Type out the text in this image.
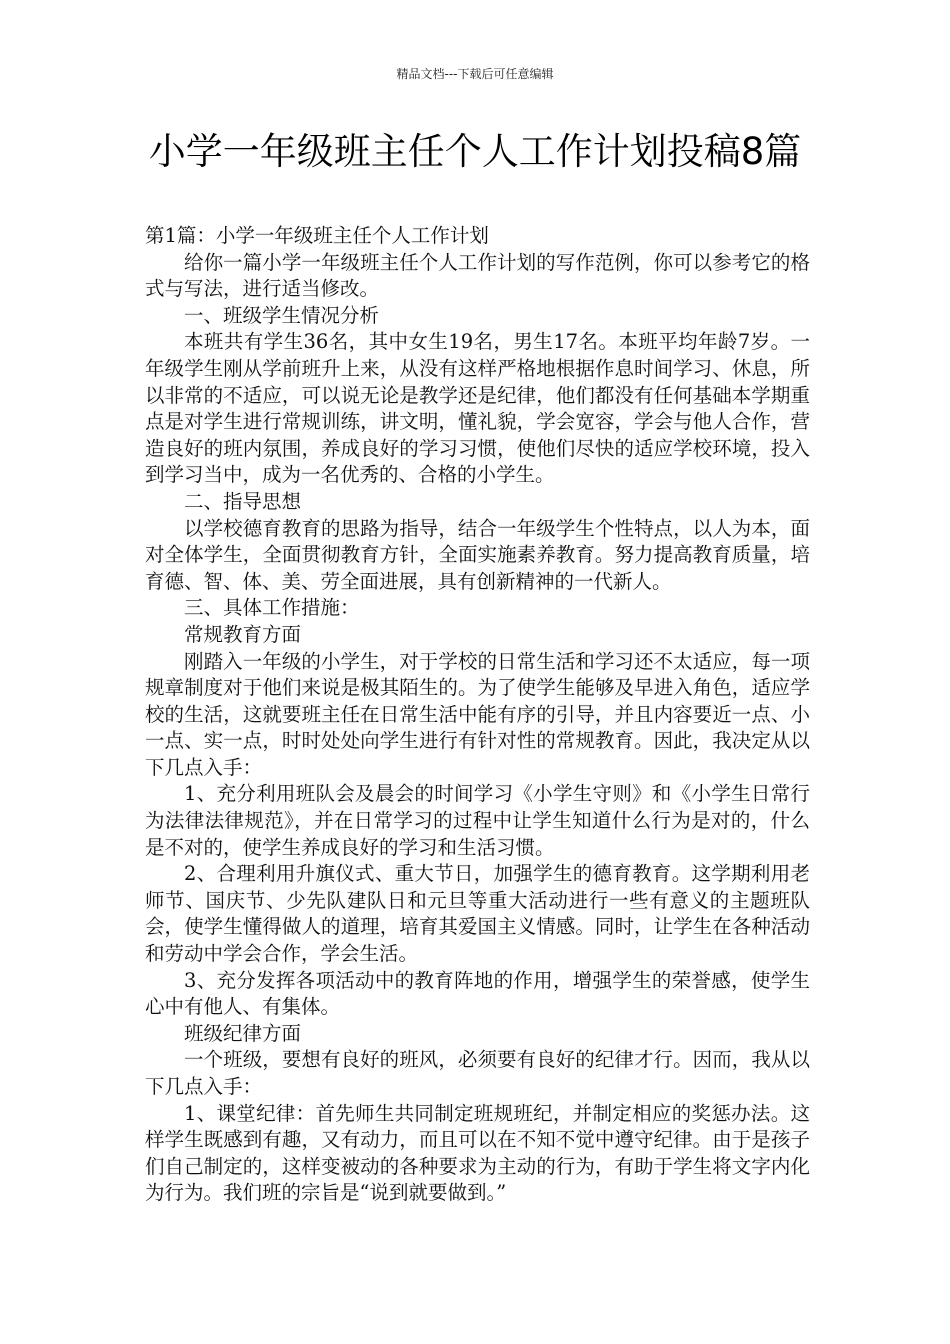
精品文档---下载后可任意编辑
小学一年级班主任个人工作计划投稿8篇

第1篇：小学一年级班主任个人工作计划

给你一篇小学一年级班主任个人工作计划的写作范例，你可以参考它的格式与写法，进行适当修改。

一、班级学生情况分析

本班共有学生36名，其中女生19名，男生17名。本班平均年龄7岁。一年级学生刚从学前班升上来，从没有这样严格地根据作息时间学习、休息，所以非常的不适应，可以说无论是教学还是纪律，他们都没有任何基础本学期重点是对学生进行常规训练，讲文明，懂礼貌，学会宽容，学会与他人合作，营造良好的班内氛围，养成良好的学习习惯，使他们尽快的适应学校环境，投入到学习当中，成为一名优秀的、合格的小学生。

二、指导思想

以学校德育教育的思路为指导，结合一年级学生个性特点，以人为本，面对全体学生，全面贯彻教育方针，全面实施素养教育。努力提高教育质量，培育德、智、体、美、劳全面进展，具有创新精神的一代新人。

三、具体工作措施：

常规教育方面

刚踏入一年级的小学生，对于学校的日常生活和学习还不太适应，每一项规章制度对于他们来说是极其陌生的。为了使学生能够及早进入角色，适应学校的生活，这就要班主任在日常生活中能有序的引导，并且内容要近一点、小一点、实一点，时时处处向学生进行有针对性的常规教育。因此，我决定从以下几点入手：

1、充分利用班队会及晨会的时间学习《小学生守则》和《小学生日常行为法律法律规范》，并在日常学习的过程中让学生知道什么行为是对的，什么是不对的，使学生养成良好的学习和生活习惯。

2、合理利用升旗仪式、重大节日，加强学生的德育教育。这学期利用老师节、国庆节、少先队建队日和元旦等重大活动进行一些有意义的主题班队会，使学生懂得做人的道理，培育其爱国主义情感。同时，让学生在各种活动和劳动中学会合作，学会生活。

3、充分发挥各项活动中的教育阵地的作用，增强学生的荣誉感，使学生心中有他人、有集体。

班级纪律方面

一个班级，要想有良好的班风，必须要有良好的纪律才行。因而，我从以下几点入手：

1、课堂纪律：首先师生共同制定班规班纪，并制定相应的奖惩办法。这样学生既感到有趣，又有动力，而且可以在不知不觉中遵守纪律。由于是孩子们自己制定的，这样变被动的各种要求为主动的行为，有助于学生将文字内化为行为。我们班的宗旨是“说到就要做到。”
